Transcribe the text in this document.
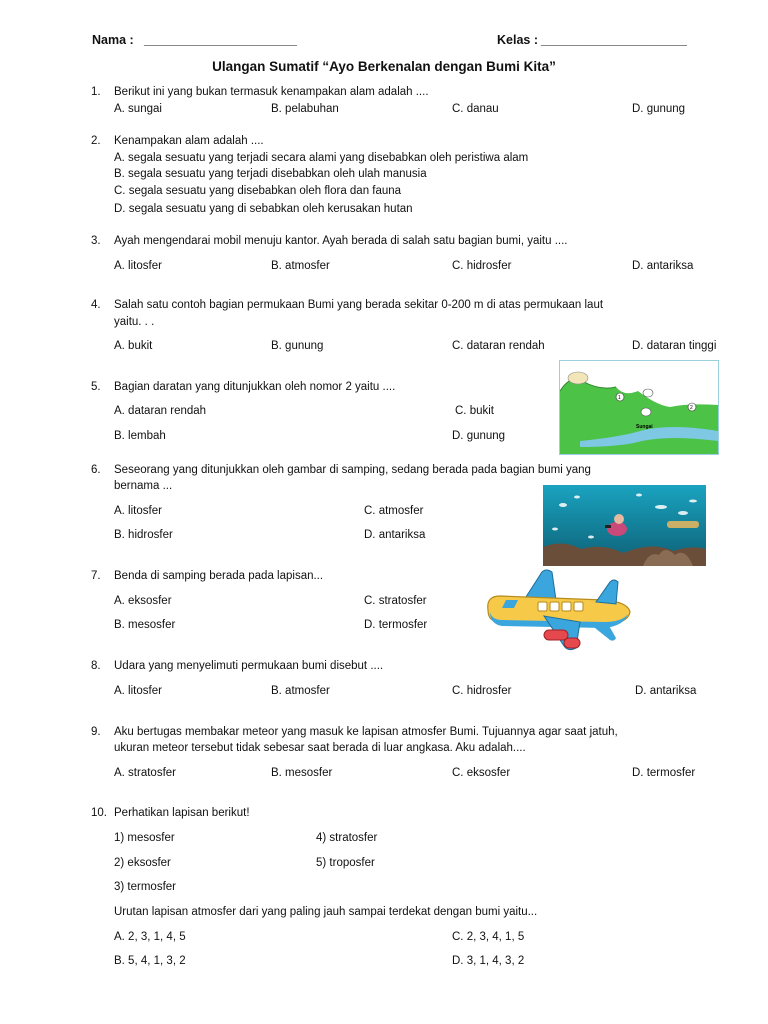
Nama : ______________________	Kelas : _____________________
Ulangan Sumatif “Ayo Berkenalan dengan Bumi Kita”
1. Berikut ini yang bukan termasuk kenampakan alam adalah ....
A. sungai	B. pelabuhan	C. danau	D. gunung
2. Kenampakan alam adalah ....
A. segala sesuatu yang terjadi secara alami yang disebabkan oleh peristiwa alam
B. segala sesuatu yang terjadi disebabkan oleh ulah manusia
C. segala sesuatu yang disebabkan oleh flora dan fauna
D. segala sesuatu yang di sebabkan oleh kerusakan hutan
3. Ayah mengendarai mobil menuju kantor. Ayah berada di salah satu bagian bumi, yaitu ....
A. litosfer	B. atmosfer	C. hidrosfer	D. antariksa
4. Salah satu contoh bagian permukaan Bumi yang berada sekitar 0-200 m di atas permukaan laut
yaitu. . .
A. bukit	B. gunung	C. dataran rendah	D. dataran tinggi
5. Bagian daratan yang ditunjukkan oleh nomor 2 yaitu ....
A. dataran rendah
B. lembah
C. bukit
D. gunung
1
2
Sungai
6. Seseorang yang ditunjukkan oleh gambar di samping, sedang berada pada bagian bumi yang
bernama ...
A. litosfer
B. hidrosfer
C. atmosfer
D. antariksa
7. Benda di samping berada pada lapisan...
A. eksosfer
B. mesosfer
C. stratosfer
D. termosfer
8. Udara yang menyelimuti permukaan bumi disebut ....
A. litosfer	B. atmosfer	C. hidrosfer	D. antariksa
9. Aku bertugas membakar meteor yang masuk ke lapisan atmosfer Bumi. Tujuannya agar saat jatuh,
ukuran meteor tersebut tidak sebesar saat berada di luar angkasa. Aku adalah....
A. stratosfer	B. mesosfer	C. eksosfer	D. termosfer
10. Perhatikan lapisan berikut!
1) mesosfer
2) eksosfer
3) termosfer
4) stratosfer
5) troposfer
Urutan lapisan atmosfer dari yang paling jauh sampai terdekat dengan bumi yaitu...
A. 2, 3, 1, 4, 5
B. 5, 4, 1, 3, 2
C. 2, 3, 4, 1, 5
D. 3, 1, 4, 3, 2
